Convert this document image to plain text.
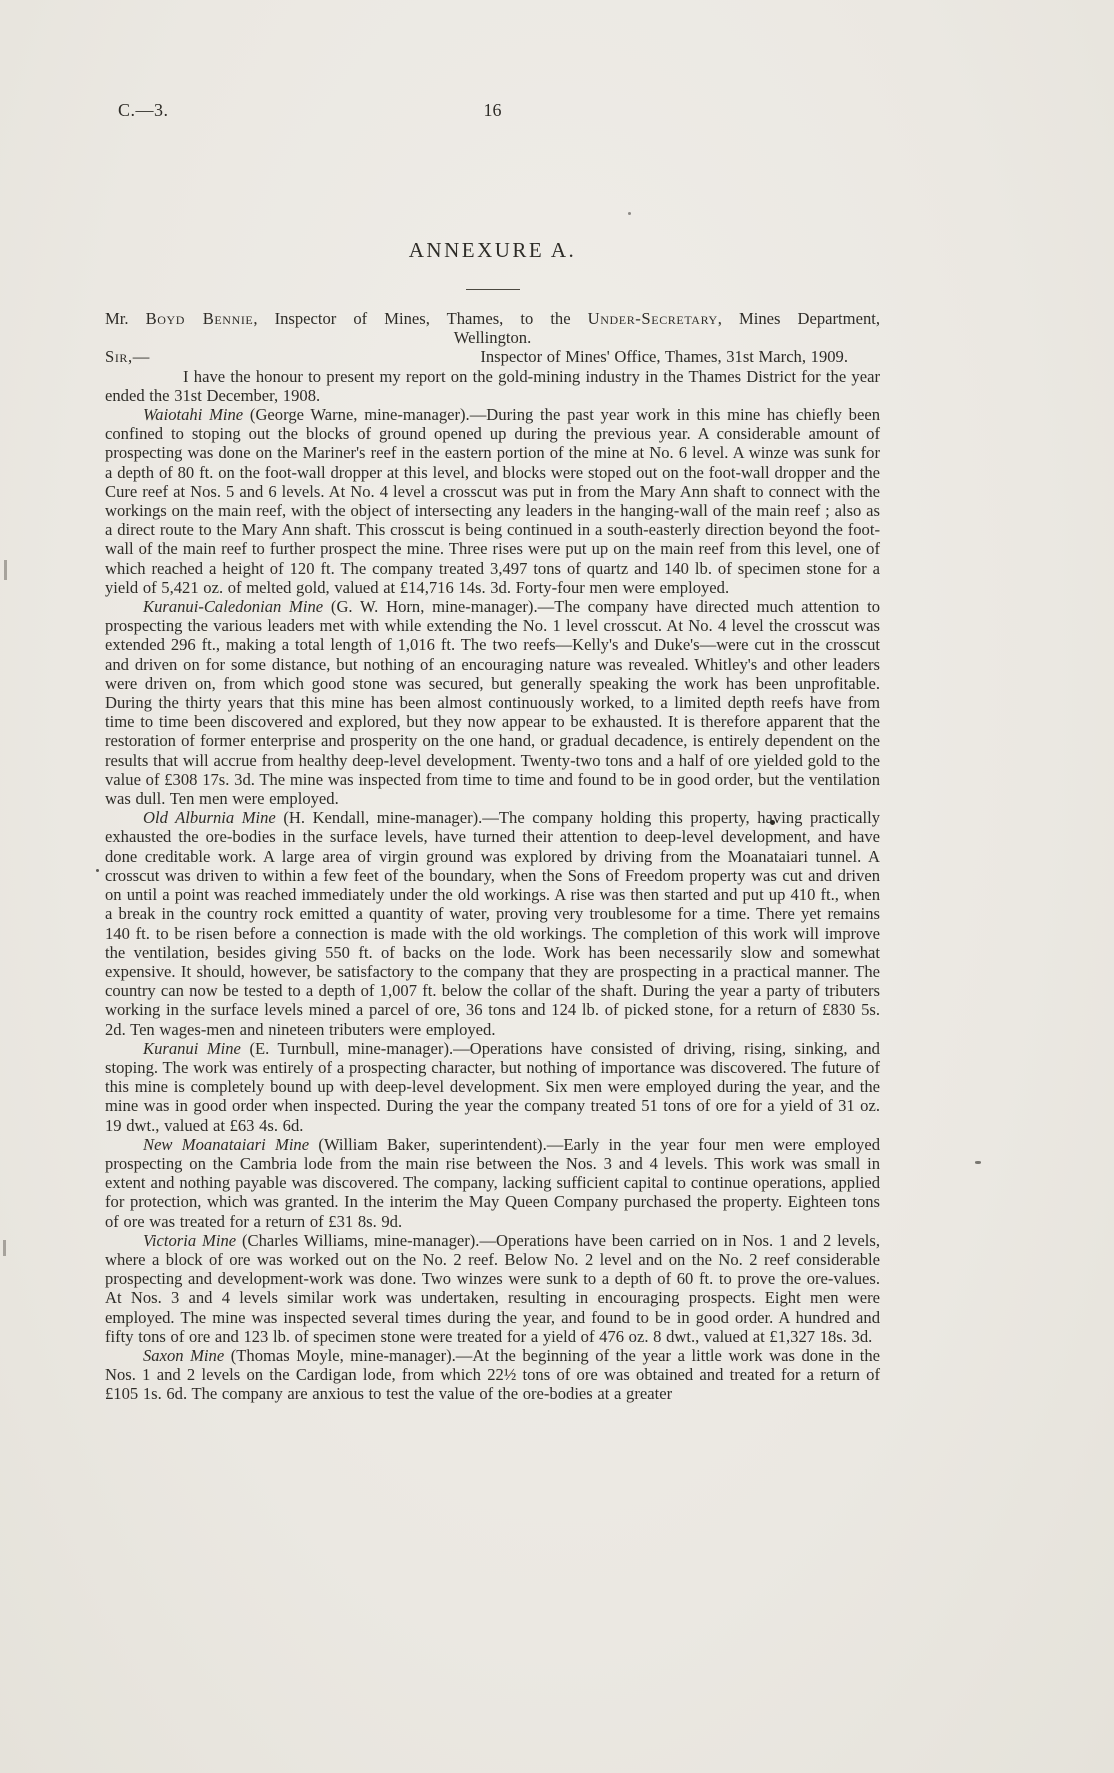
C.—3.	16
ANNEXURE A.

Mr. Boyd Bennie, Inspector of Mines, Thames, to the Under-Secretary, Mines Department,

Wellington.

Sir,—	Inspector of Mines' Office, Thames, 31st March, 1909.

I have the honour to present my report on the gold-mining industry in the Thames District for the year ended the 31st December, 1908.

Waiotahi Mine (George Warne, mine-manager).—During the past year work in this mine has chiefly been confined to stoping out the blocks of ground opened up during the previous year. A considerable amount of prospecting was done on the Mariner's reef in the eastern portion of the mine at No. 6 level. A winze was sunk for a depth of 80 ft. on the foot-wall dropper at this level, and blocks were stoped out on the foot-wall dropper and the Cure reef at Nos. 5 and 6 levels. At No. 4 level a crosscut was put in from the Mary Ann shaft to connect with the workings on the main reef, with the object of intersecting any leaders in the hanging-wall of the main reef ; also as a direct route to the Mary Ann shaft. This crosscut is being continued in a south-easterly direction beyond the foot-wall of the main reef to further prospect the mine. Three rises were put up on the main reef from this level, one of which reached a height of 120 ft. The company treated 3,497 tons of quartz and 140 lb. of specimen stone for a yield of 5,421 oz. of melted gold, valued at £14,716 14s. 3d. Forty-four men were employed.

Kuranui-Caledonian Mine (G. W. Horn, mine-manager).—The company have directed much attention to prospecting the various leaders met with while extending the No. 1 level crosscut. At No. 4 level the crosscut was extended 296 ft., making a total length of 1,016 ft. The two reefs—Kelly's and Duke's—were cut in the crosscut and driven on for some distance, but nothing of an encouraging nature was revealed. Whitley's and other leaders were driven on, from which good stone was secured, but generally speaking the work has been unprofitable. During the thirty years that this mine has been almost continuously worked, to a limited depth reefs have from time to time been discovered and explored, but they now appear to be exhausted. It is therefore apparent that the restoration of former enterprise and prosperity on the one hand, or gradual decadence, is entirely dependent on the results that will accrue from healthy deep-level development. Twenty-two tons and a half of ore yielded gold to the value of £308 17s. 3d. The mine was inspected from time to time and found to be in good order, but the ventilation was dull. Ten men were employed.

Old Alburnia Mine (H. Kendall, mine-manager).—The company holding this property, having practically exhausted the ore-bodies in the surface levels, have turned their attention to deep-level development, and have done creditable work. A large area of virgin ground was explored by driving from the Moanataiari tunnel. A crosscut was driven to within a few feet of the boundary, when the Sons of Freedom property was cut and driven on until a point was reached immediately under the old workings. A rise was then started and put up 410 ft., when a break in the country rock emitted a quantity of water, proving very troublesome for a time. There yet remains 140 ft. to be risen before a connection is made with the old workings. The completion of this work will improve the ventilation, besides giving 550 ft. of backs on the lode. Work has been necessarily slow and somewhat expensive. It should, however, be satisfactory to the company that they are prospecting in a practical manner. The country can now be tested to a depth of 1,007 ft. below the collar of the shaft. During the year a party of tributers working in the surface levels mined a parcel of ore, 36 tons and 124 lb. of picked stone, for a return of £830 5s. 2d. Ten wages-men and nineteen tributers were employed.

Kuranui Mine (E. Turnbull, mine-manager).—Operations have consisted of driving, rising, sinking, and stoping. The work was entirely of a prospecting character, but nothing of importance was discovered. The future of this mine is completely bound up with deep-level development. Six men were employed during the year, and the mine was in good order when inspected. During the year the company treated 51 tons of ore for a yield of 31 oz. 19 dwt., valued at £63 4s. 6d.

New Moanataiari Mine (William Baker, superintendent).—Early in the year four men were employed prospecting on the Cambria lode from the main rise between the Nos. 3 and 4 levels. This work was small in extent and nothing payable was discovered. The company, lacking sufficient capital to continue operations, applied for protection, which was granted. In the interim the May Queen Company purchased the property. Eighteen tons of ore was treated for a return of £31 8s. 9d.

Victoria Mine (Charles Williams, mine-manager).—Operations have been carried on in Nos. 1 and 2 levels, where a block of ore was worked out on the No. 2 reef. Below No. 2 level and on the No. 2 reef considerable prospecting and development-work was done. Two winzes were sunk to a depth of 60 ft. to prove the ore-values. At Nos. 3 and 4 levels similar work was undertaken, resulting in encouraging prospects. Eight men were employed. The mine was inspected several times during the year, and found to be in good order. A hundred and fifty tons of ore and 123 lb. of specimen stone were treated for a yield of 476 oz. 8 dwt., valued at £1,327 18s. 3d.

Saxon Mine (Thomas Moyle, mine-manager).—At the beginning of the year a little work was done in the Nos. 1 and 2 levels on the Cardigan lode, from which 22½ tons of ore was obtained and treated for a return of £105 1s. 6d. The company are anxious to test the value of the ore-bodies at a greater
